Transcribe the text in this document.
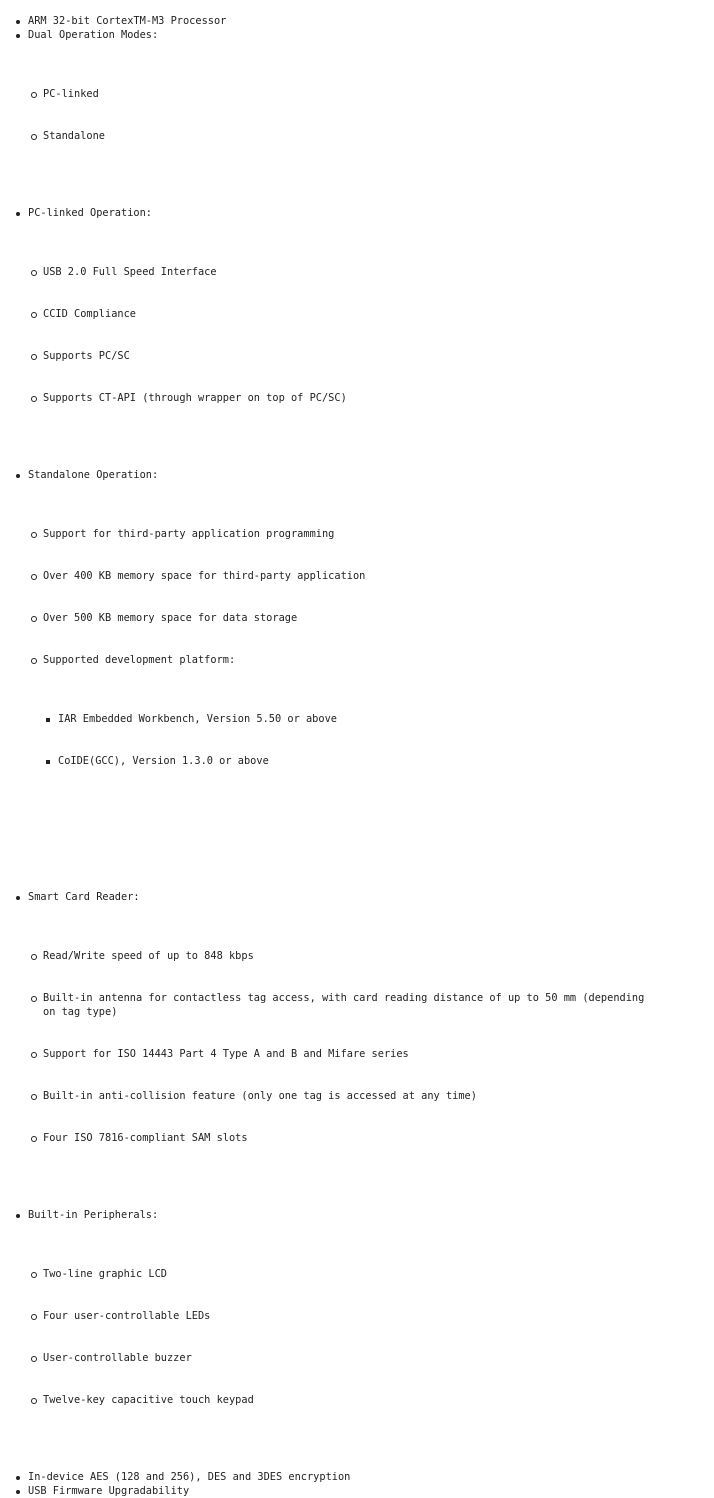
ARM 32-bit CortexTM-M3 Processor
Dual Operation Modes:

PC-linked

Standalone

PC-linked Operation:

USB 2.0 Full Speed Interface

CCID Compliance

Supports PC/SC

Supports CT-API (through wrapper on top of PC/SC)

Standalone Operation:

Support for third-party application programming

Over 400 KB memory space for third-party application

Over 500 KB memory space for data storage

Supported development platform:

IAR Embedded Workbench, Version 5.50 or above

CoIDE(GCC), Version 1.3.0 or above

Smart Card Reader:

Read/Write speed of up to 848 kbps

Built-in antenna for contactless tag access, with card reading distance of up to 50 mm (depending on tag type)

Support for ISO 14443 Part 4 Type A and B and Mifare series

Built-in anti-collision feature (only one tag is accessed at any time)

Four ISO 7816-compliant SAM slots

Built-in Peripherals:

Two-line graphic LCD

Four user-controllable LEDs

User-controllable buzzer

Twelve-key capacitive touch keypad

In-device AES (128 and 256), DES and 3DES encryption
USB Firmware Upgradability
